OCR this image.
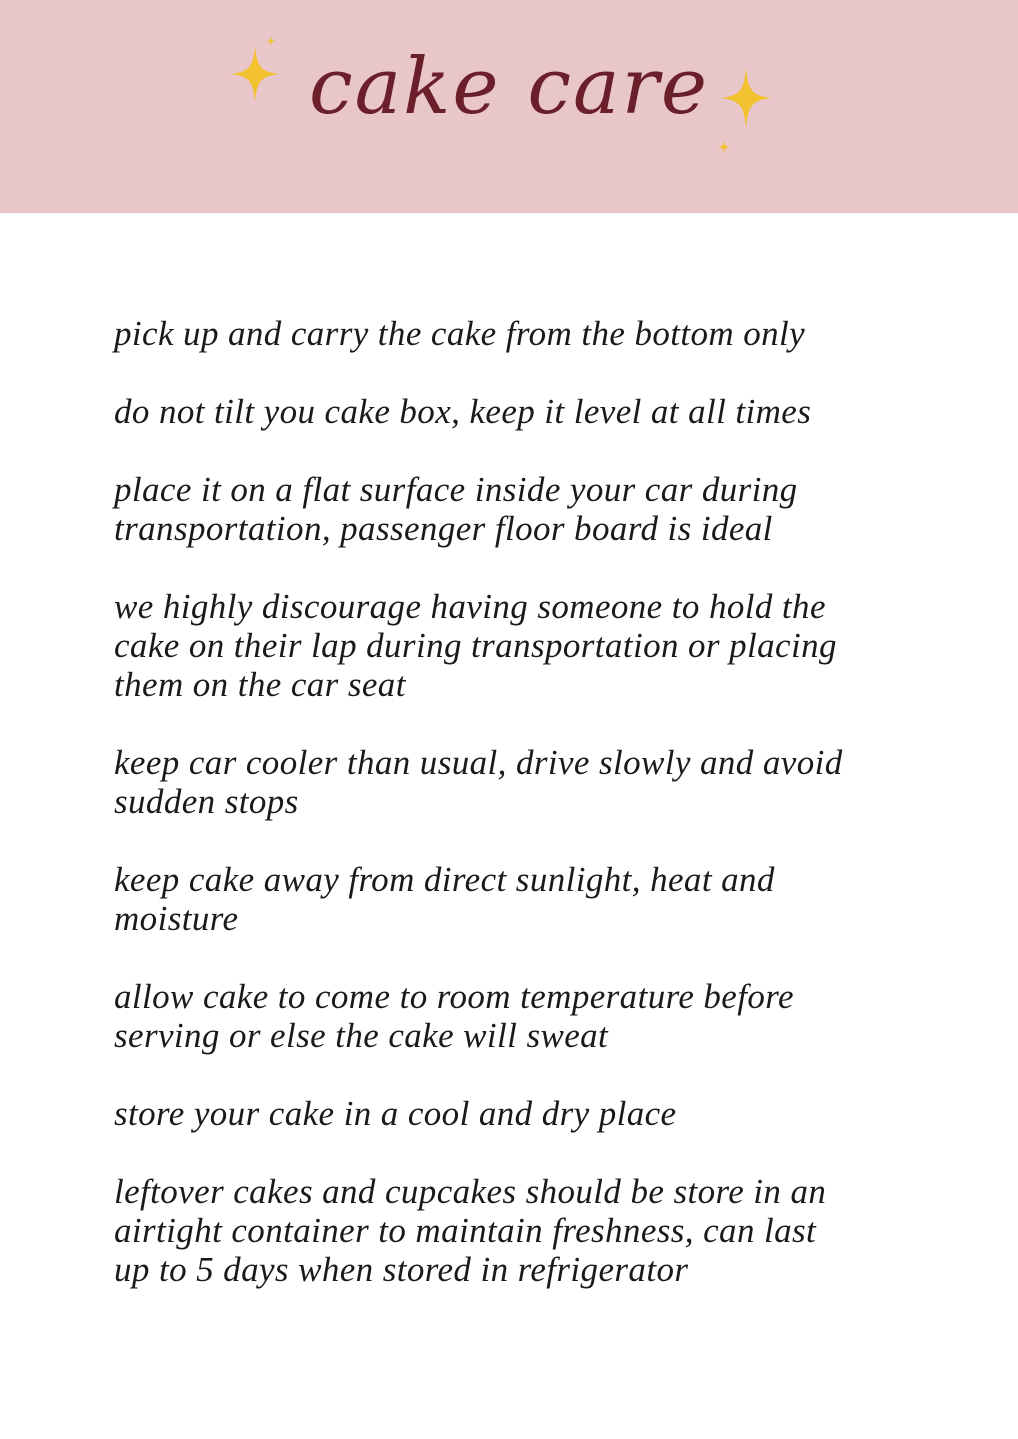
cake care

pick up and carry the cake from the bottom only

do not tilt you cake box, keep it level at all times

place it on a flat surface inside your car during
transportation, passenger floor board is ideal

we highly discourage having someone to hold the
cake on their lap during transportation or placing
them on the car seat

keep car cooler than usual, drive slowly and avoid
sudden stops

keep cake away from direct sunlight, heat and
moisture

allow cake to come to room temperature before
serving or else the cake will sweat

store your cake in a cool and dry place

leftover cakes and cupcakes should be store in an
airtight container to maintain freshness, can last
up to 5 days when stored in refrigerator
